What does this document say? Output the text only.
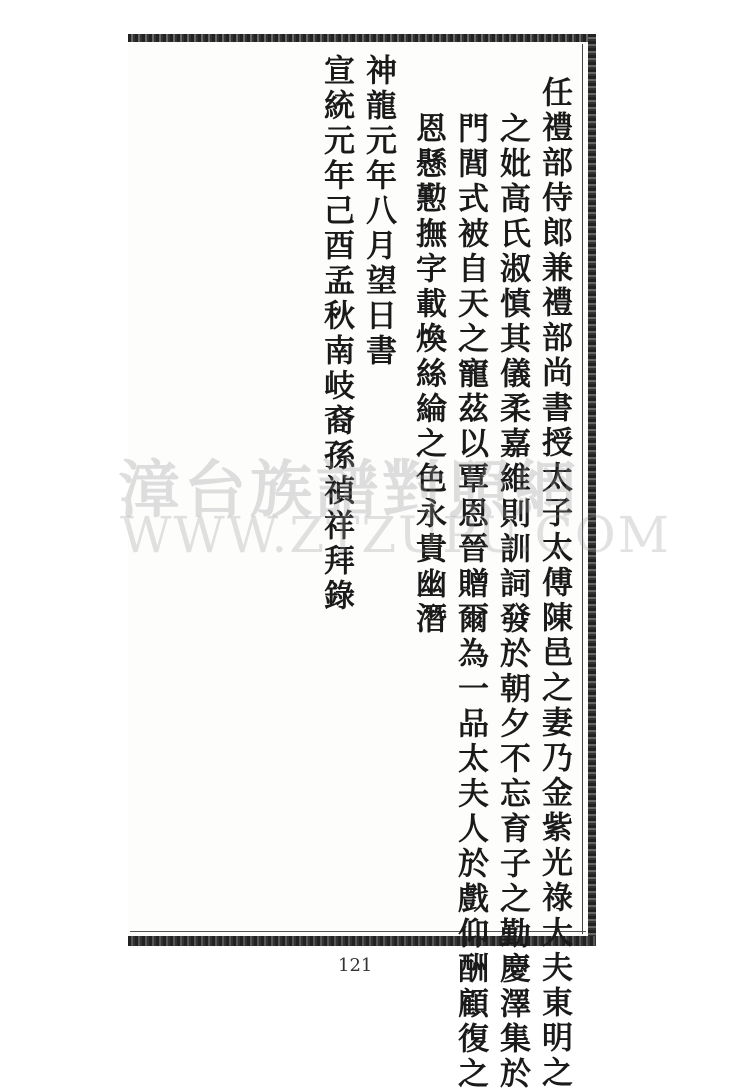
任禮部侍郎兼禮部尚書授太子太傅陳邑之妻乃金紫光祿大夫東明之
之妣高氏淑慎其儀柔嘉維則訓詞發於朝夕不忘育子之勤慶澤集於
門閭式被自天之寵茲以覃恩晉贈爾為一品太夫人於戲仰酬顧復之
恩懸懃撫字載煥絲綸之色永貴幽潛
神龍元年八月望日書
宣統元年己酉孟秋南岐裔孫禎祥拜錄
漳台族譜對照網
WWW.ZTZUPU.COM
121
